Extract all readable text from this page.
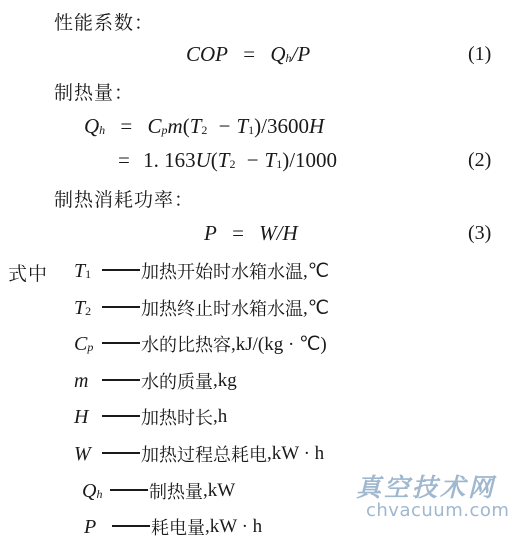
性能系数：
COP = $Q_h/P$	(1)
制热量：
$Q_h = C_pm(T_2 - T_1)/3600H$
= 1. $163U(T_2 - T_1)/1000$	(2)
制热消耗功率：
P = W/H	(3)
式中 $T_1$	加热开始时水箱水温 ,℃
$T_2$	加热终止时水箱水温 ,℃
$C_p$	水的比热容 ,kJ/(kg · ℃)
m	水的质量 ,kg
H	加热时长 ,h
W	加热过程总耗电 ,kW · h
$Q_h$	制热量 ,kW
P	耗电量 ,kW · h
真空技术网
chvacuum.com
